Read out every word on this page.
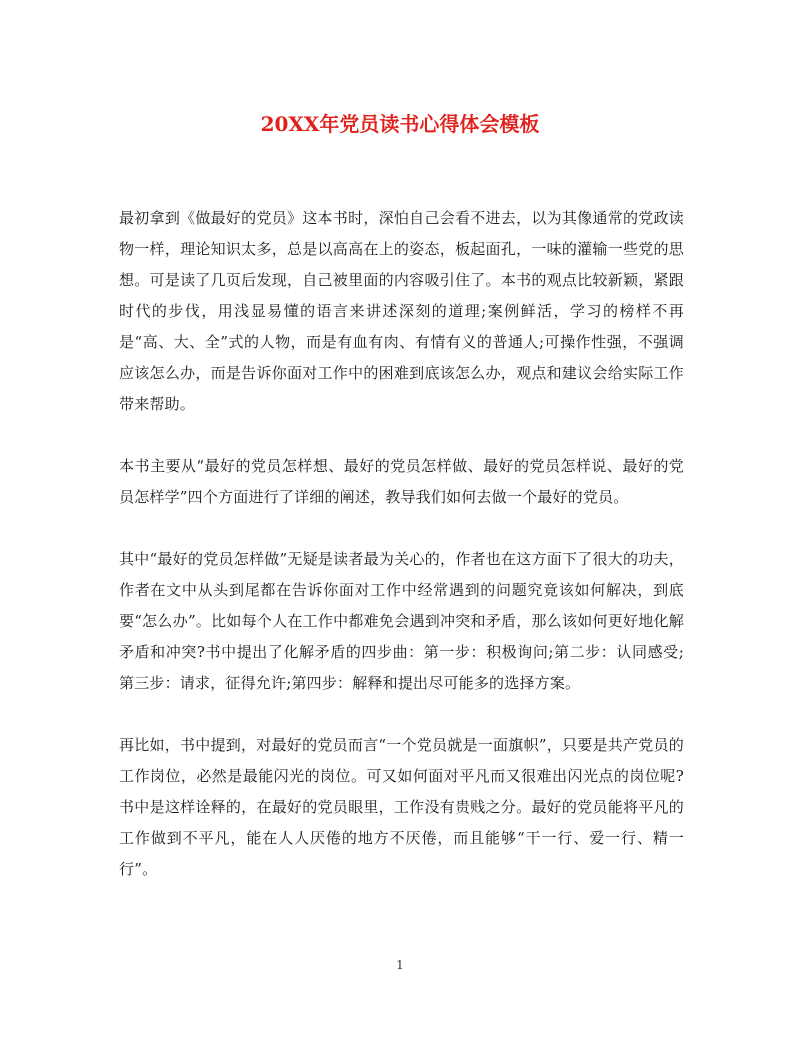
20XX年党员读书心得体会模板

最初拿到《做最好的党员》这本书时，深怕自己会看不进去，以为其像通常的党政读物一样，理论知识太多，总是以高高在上的姿态，板起面孔，一味的灌输一些党的思想。可是读了几页后发现，自己被里面的内容吸引住了。本书的观点比较新颖，紧跟时代的步伐，用浅显易懂的语言来讲述深刻的道理;案例鲜活，学习的榜样不再是“高、大、全”式的人物，而是有血有肉、有情有义的普通人;可操作性强，不强调应该怎么办，而是告诉你面对工作中的困难到底该怎么办，观点和建议会给实际工作带来帮助。

本书主要从“最好的党员怎样想、最好的党员怎样做、最好的党员怎样说、最好的党员怎样学”四个方面进行了详细的阐述，教导我们如何去做一个最好的党员。

其中“最好的党员怎样做”无疑是读者最为关心的，作者也在这方面下了很大的功夫，作者在文中从头到尾都在告诉你面对工作中经常遇到的问题究竟该如何解决，到底要“怎么办”。比如每个人在工作中都难免会遇到冲突和矛盾，那么该如何更好地化解矛盾和冲突?书中提出了化解矛盾的四步曲：第一步：积极询问;第二步：认同感受;第三步：请求，征得允许;第四步：解释和提出尽可能多的选择方案。

再比如，书中提到，对最好的党员而言“一个党员就是一面旗帜”，只要是共产党员的工作岗位，必然是最能闪光的岗位。可又如何面对平凡而又很难出闪光点的岗位呢?书中是这样诠释的，在最好的党员眼里，工作没有贵贱之分。最好的党员能将平凡的工作做到不平凡，能在人人厌倦的地方不厌倦，而且能够“干一行、爱一行、精一行”。

1
